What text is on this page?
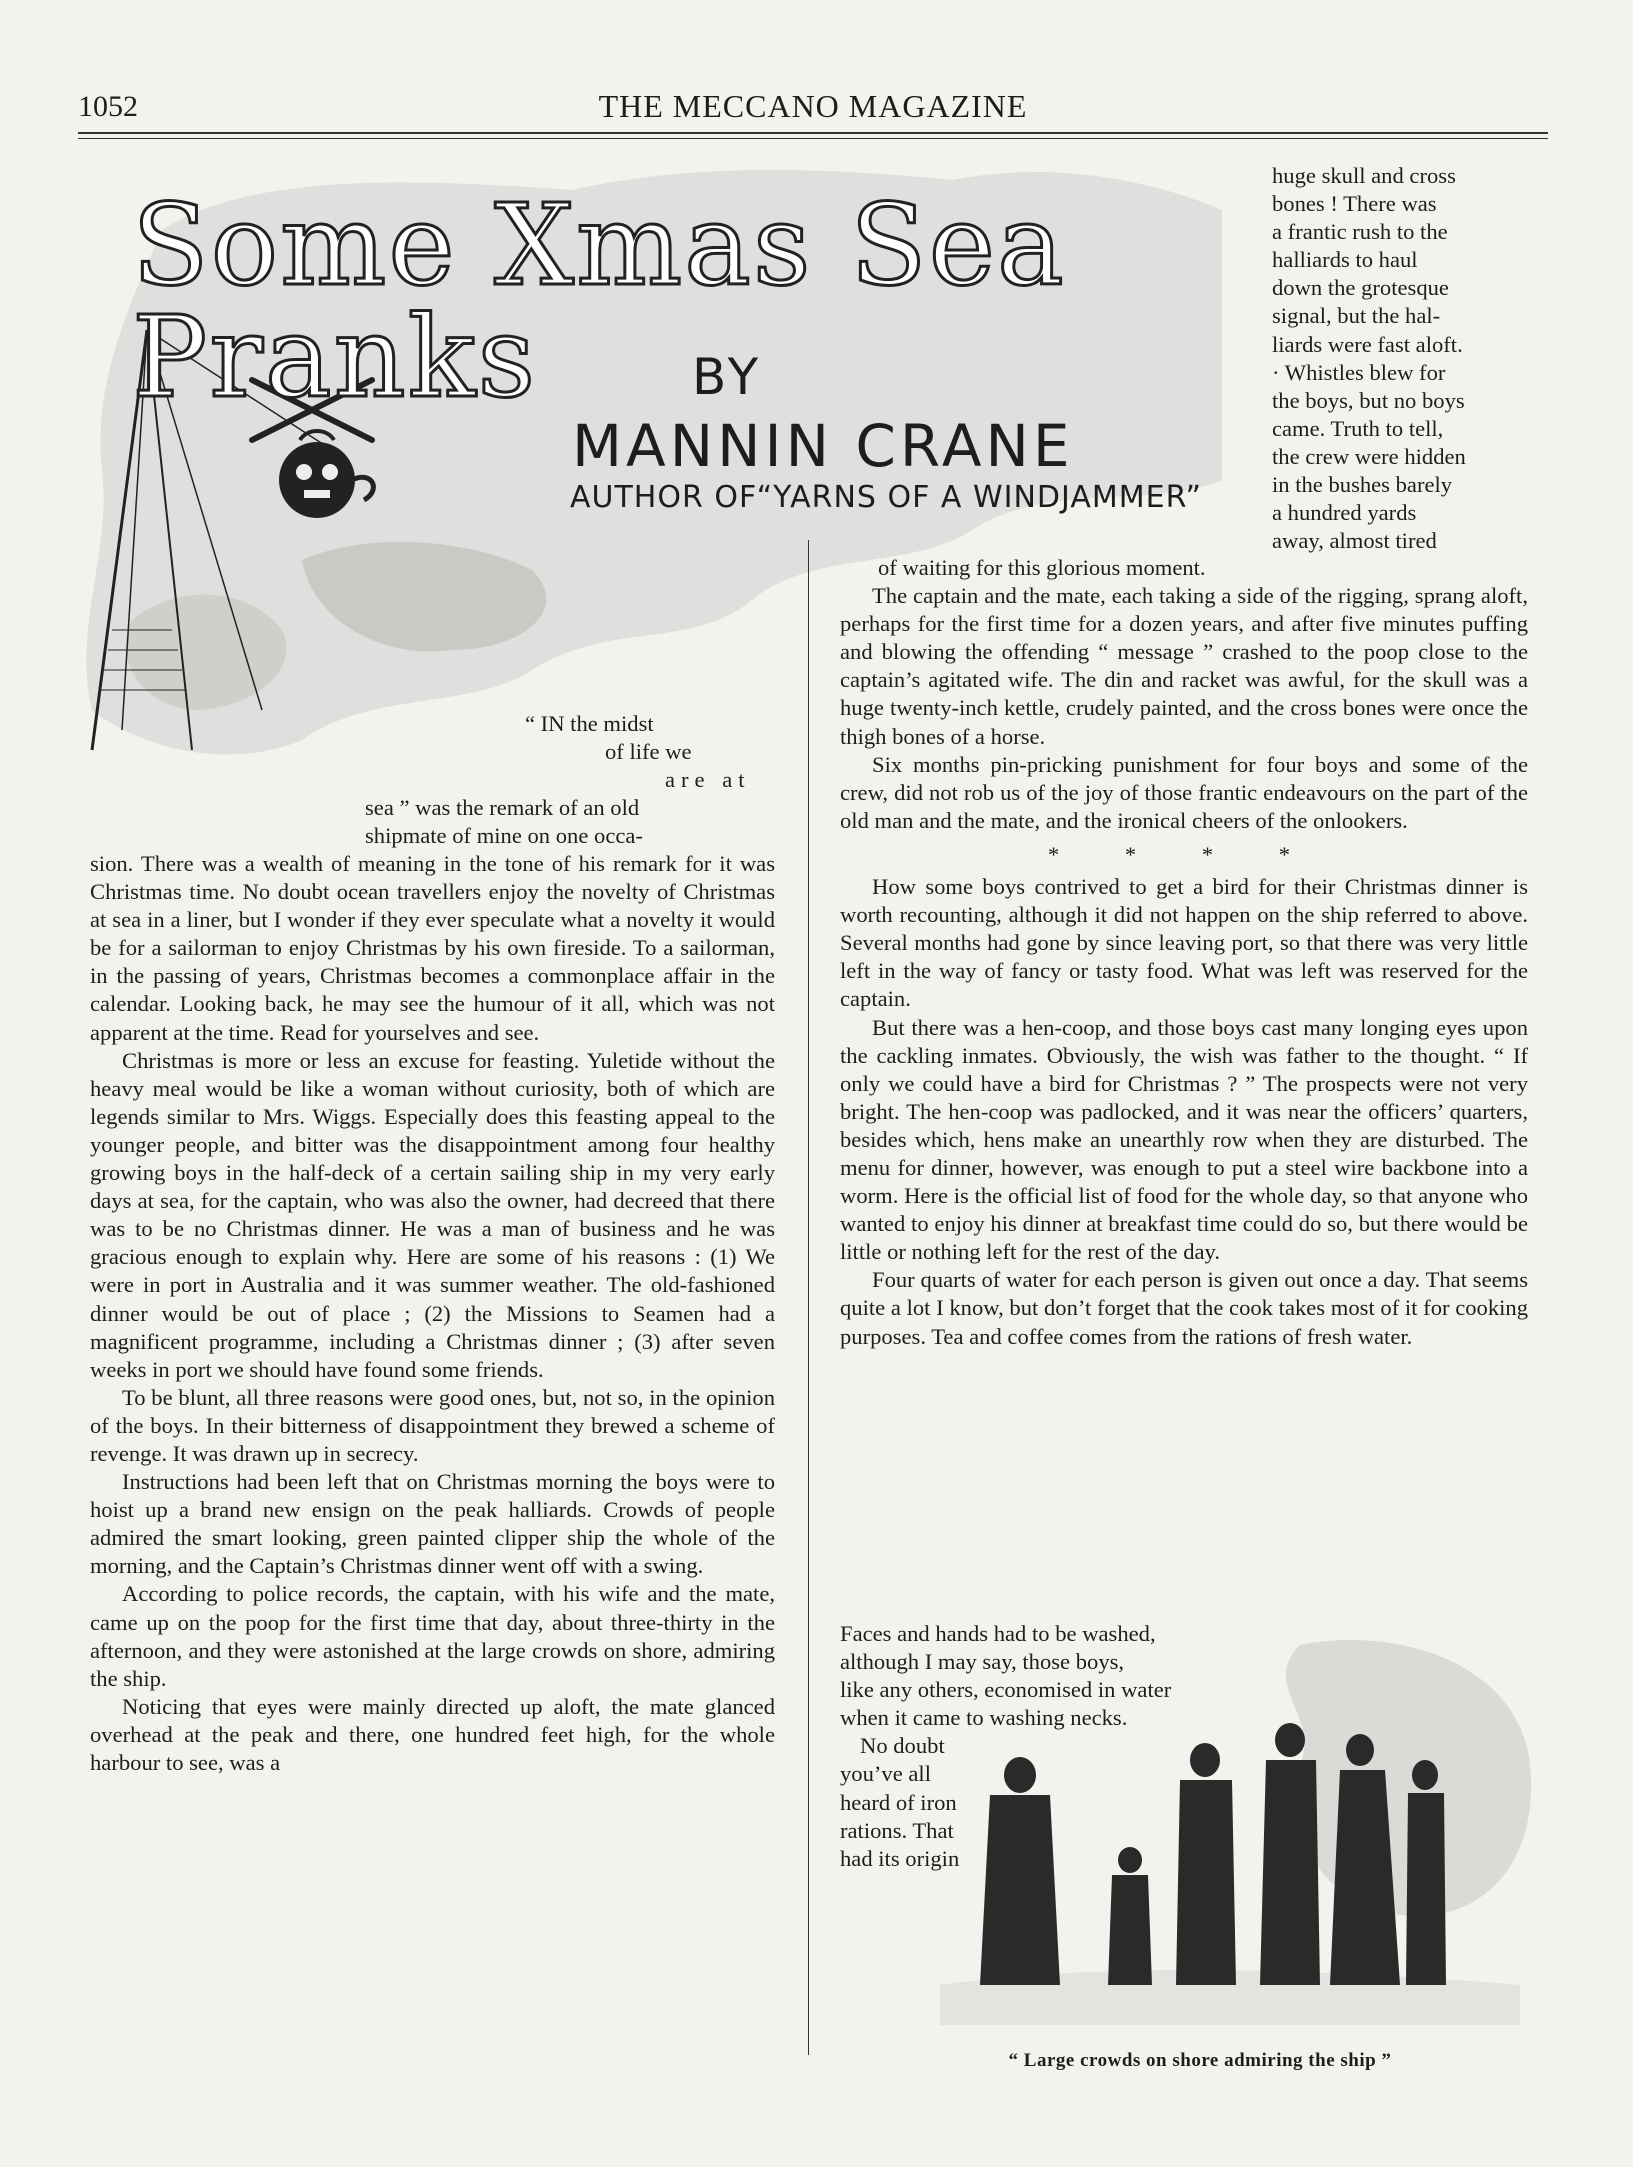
1052	THE MECCANO MAGAZINE
Some Xmas Sea Pranks	BY
MANNIN CRANE
AUTHOR OF“YARNS OF A WINDJAMMER”

“ IN the midst

of life we

are at

sea ” was the remark of an old

shipmate of mine on one occa-

sion. There was a wealth of meaning in the tone of his remark for it was Christmas time. No doubt ocean travellers enjoy the novelty of Christmas at sea in a liner, but I wonder if they ever speculate what a novelty it would be for a sailorman to enjoy Christmas by his own fireside. To a sailorman, in the passing of years, Christmas becomes a commonplace affair in the calendar. Looking back, he may see the humour of it all, which was not apparent at the time. Read for yourselves and see.

Christmas is more or less an excuse for feasting. Yuletide without the heavy meal would be like a woman without curiosity, both of which are legends similar to Mrs. Wiggs. Especially does this feasting appeal to the younger people, and bitter was the disappointment among four healthy growing boys in the half-deck of a certain sailing ship in my very early days at sea, for the captain, who was also the owner, had decreed that there was to be no Christmas dinner. He was a man of business and he was gracious enough to explain why. Here are some of his reasons : (1) We were in port in Australia and it was summer weather. The old-fashioned dinner would be out of place ; (2) the Missions to Seamen had a magnificent programme, including a Christmas dinner ; (3) after seven weeks in port we should have found some friends.

To be blunt, all three reasons were good ones, but, not so, in the opinion of the boys. In their bitterness of disappointment they brewed a scheme of revenge. It was drawn up in secrecy.

Instructions had been left that on Christmas morning the boys were to hoist up a brand new ensign on the peak halliards. Crowds of people admired the smart looking, green painted clipper ship the whole of the morning, and the Captain’s Christmas dinner went off with a swing.

According to police records, the captain, with his wife and the mate, came up on the poop for the first time that day, about three-thirty in the afternoon, and they were astonished at the large crowds on shore, admiring the ship.

Noticing that eyes were mainly directed up aloft, the mate glanced overhead at the peak and there, one hundred feet high, for the whole harbour to see, was a

huge skull and cross

bones ! There was

a frantic rush to the

halliards to haul

down the grotesque

signal, but the hal-

liards were fast aloft.

· Whistles blew for

the boys, but no boys

came. Truth to tell,

the crew were hidden

in the bushes barely

a hundred yards

away, almost tired

of waiting for this glorious moment.

The captain and the mate, each taking a side of the rigging, sprang aloft, perhaps for the first time for a dozen years, and after five minutes puffing and blowing the offending “ message ” crashed to the poop close to the captain’s agitated wife. The din and racket was awful, for the skull was a huge twenty-inch kettle, crudely painted, and the cross bones were once the thigh bones of a horse.

Six months pin-pricking punishment for four boys and some of the crew, did not rob us of the joy of those frantic endeavours on the part of the old man and the mate, and the ironical cheers of the onlookers.

* * * *

How some boys contrived to get a bird for their Christmas dinner is worth recounting, although it did not happen on the ship referred to above. Several months had gone by since leaving port, so that there was very little left in the way of fancy or tasty food. What was left was reserved for the captain.

But there was a hen-coop, and those boys cast many longing eyes upon the cackling inmates. Obviously, the wish was father to the thought. “ If only we could have a bird for Christmas ? ” The prospects were not very bright. The hen-coop was padlocked, and it was near the officers’ quarters, besides which, hens make an unearthly row when they are disturbed. The menu for dinner, however, was enough to put a steel wire backbone into a worm. Here is the official list of food for the whole day, so that anyone who wanted to enjoy his dinner at breakfast time could do so, but there would be little or nothing left for the rest of the day.

Four quarts of water for each person is given out once a day. That seems quite a lot I know, but don’t forget that the cook takes most of it for cooking purposes. Tea and coffee comes from the rations of fresh water.

Faces and hands had to be washed,

although I may say, those boys,

like any others, economised in water

when it came to washing necks.

No doubt

you’ve all

heard of iron

rations. That

had its origin

“ Large crowds on shore admiring the ship ”
